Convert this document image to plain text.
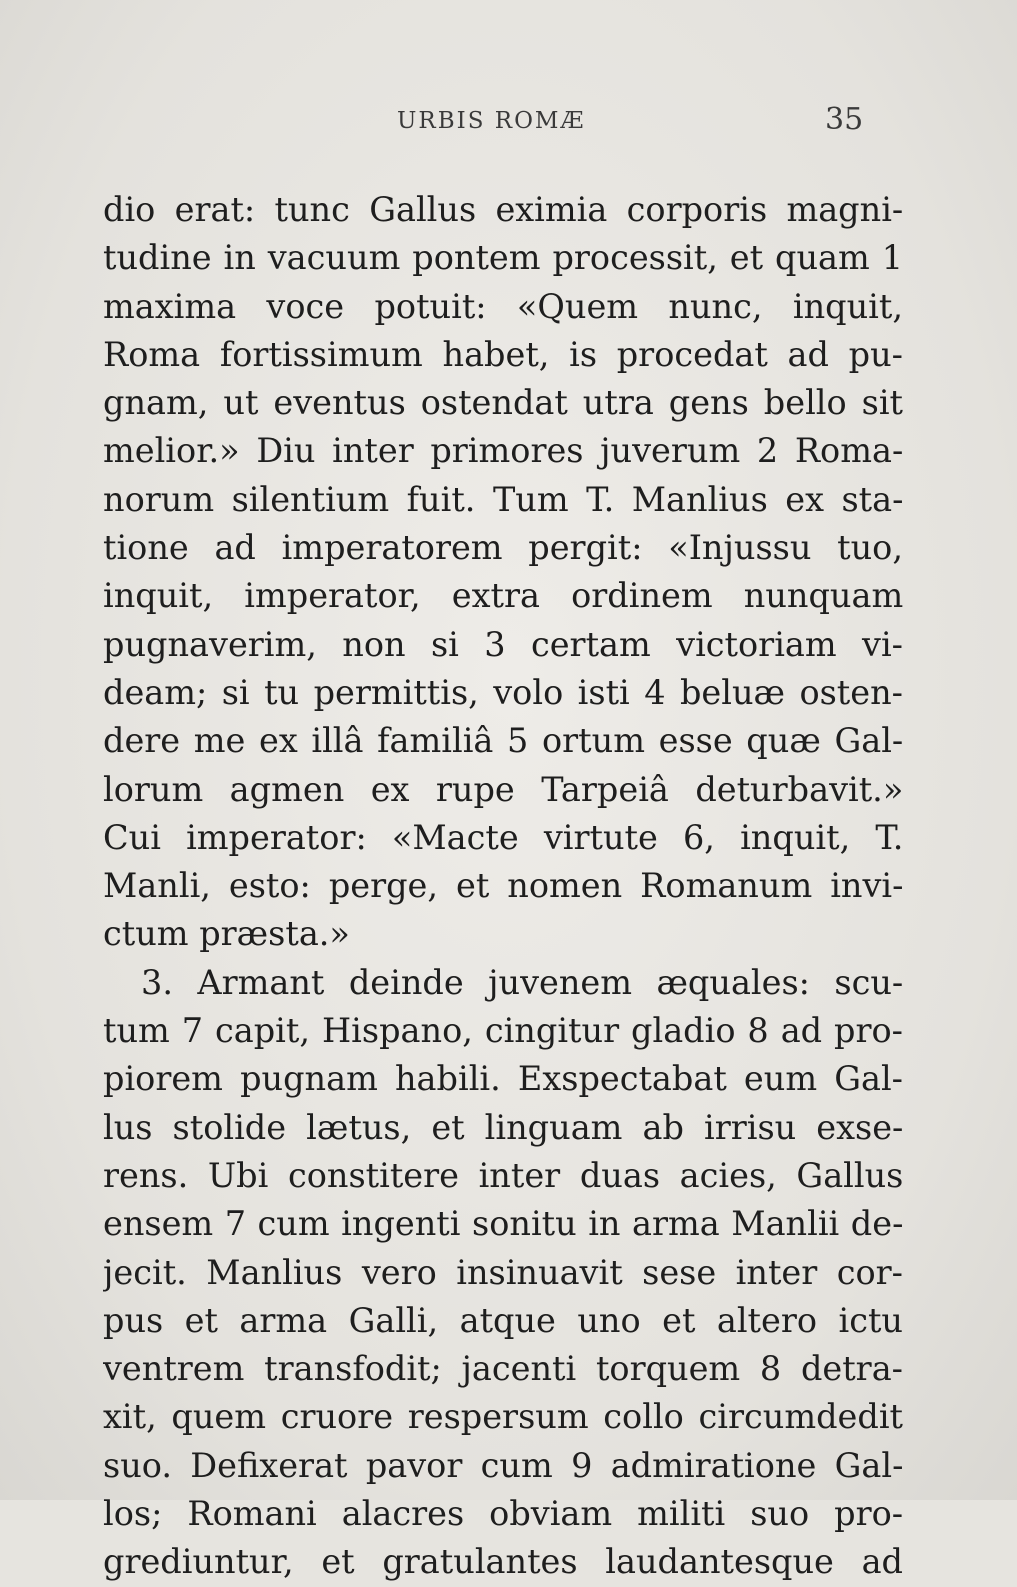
URBIS ROMÆ	35
dio erat: tunc Gallus eximia corporis magni-
tudine in vacuum pontem processit, et quam 1
maxima voce potuit: «Quem nunc, inquit,
Roma fortissimum habet, is procedat ad pu-
gnam, ut eventus ostendat utra gens bello sit
melior.» Diu inter primores juverum 2 Roma-
norum silentium fuit. Tum T. Manlius ex sta-
tione ad imperatorem pergit: «Injussu tuo,
inquit, imperator, extra ordinem nunquam
pugnaverim, non si 3 certam victoriam vi-
deam; si tu permittis, volo isti 4 beluæ osten-
dere me ex illâ familiâ 5 ortum esse quæ Gal-
lorum agmen ex rupe Tarpeiâ deturbavit.»
Cui imperator: «Macte virtute 6, inquit, T.
Manli, esto: perge, et nomen Romanum invi-
ctum præsta.»
3. Armant deinde juvenem æquales: scu-
tum 7 capit, Hispano, cingitur gladio 8 ad pro-
piorem pugnam habili. Exspectabat eum Gal-
lus stolide lætus, et linguam ab irrisu exse-
rens. Ubi constitere inter duas acies, Gallus
ensem 7 cum ingenti sonitu in arma Manlii de-
jecit. Manlius vero insinuavit sese inter cor-
pus et arma Galli, atque uno et altero ictu
ventrem transfodit; jacenti torquem 8 detra-
xit, quem cruore respersum collo circumdedit
suo. Defixerat pavor cum 9 admiratione Gal-
los; Romani alacres obviam militi suo pro-
grediuntur, et gratulantes laudantesque ad
